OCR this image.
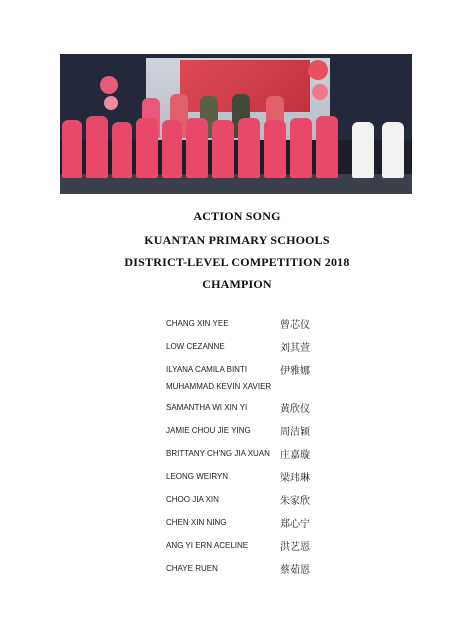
ACTION SONG
KUANTAN PRIMARY SCHOOLS
DISTRICT-LEVEL COMPETITION 2018
CHAMPION
CHANG XIN YEE	曾芯仪
LOW CEZANNE	刘其萱
ILYANA CAMILA BINTI	伊雅娜
MUHAMMAD KEVIN XAVIER
SAMANTHA WI XIN YI	黄欣仪
JAMIE CHOU JIE YING	周洁颖
BRITTANY CH'NG JIA XUAN 庄嘉璇
LEONG WEIRYN	梁玮琳
CHOO JIA XIN	朱家欣
CHEN XIN NING	郑心宁
ANG YI ERN ACELINE	洪艺恩
CHAYE RUEN	蔡茹恩
